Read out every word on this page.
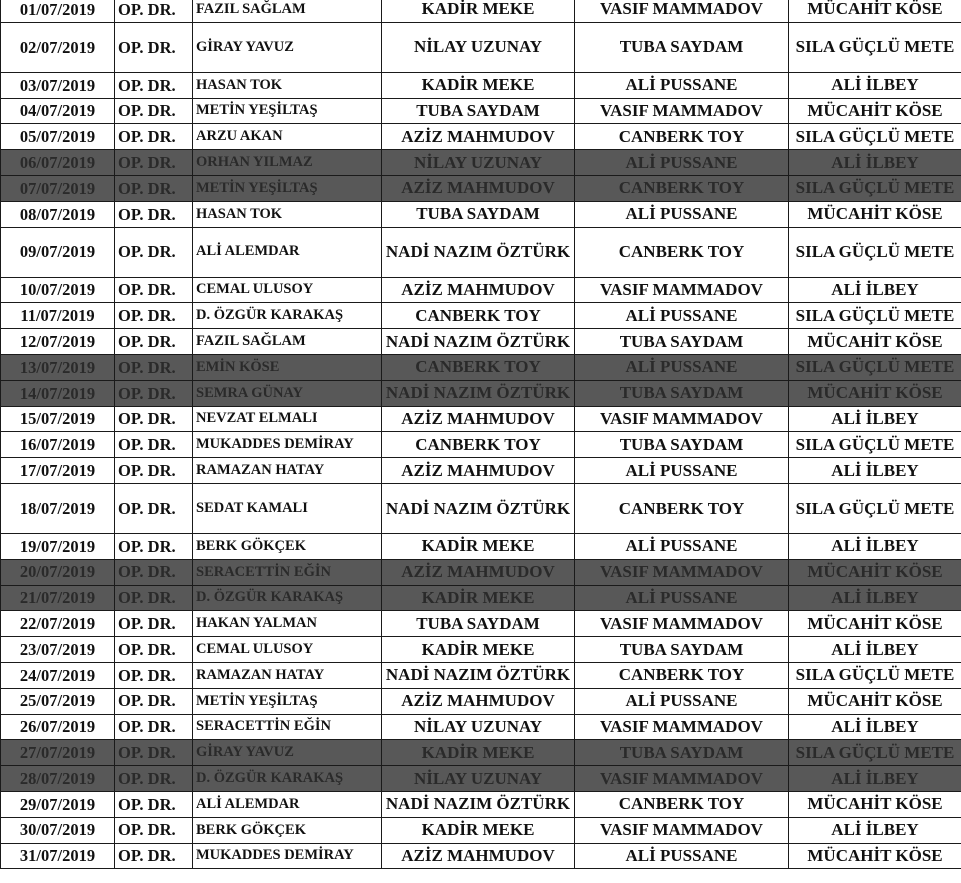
01/07/2019	OP. DR.	FAZIL SAĞLAM	KADİR MEKE	VASIF MAMMADOV	MÜCAHİT KÖSE
02/07/2019	OP. DR.	GİRAY YAVUZ	NİLAY UZUNAY	TUBA SAYDAM	SILA GÜÇLÜ METE
03/07/2019	OP. DR.	HASAN TOK	KADİR MEKE	ALİ PUSSANE	ALİ İLBEY
04/07/2019	OP. DR.	METİN YEŞİLTAŞ	TUBA SAYDAM	VASIF MAMMADOV	MÜCAHİT KÖSE
05/07/2019	OP. DR.	ARZU AKAN	AZİZ MAHMUDOV	CANBERK TOY	SILA GÜÇLÜ METE
06/07/2019	OP. DR.	ORHAN YILMAZ	NİLAY UZUNAY	ALİ PUSSANE	ALİ İLBEY
07/07/2019	OP. DR.	METİN YEŞİLTAŞ	AZİZ MAHMUDOV	CANBERK TOY	SILA GÜÇLÜ METE
08/07/2019	OP. DR.	HASAN TOK	TUBA SAYDAM	ALİ PUSSANE	MÜCAHİT KÖSE
09/07/2019	OP. DR.	ALİ ALEMDAR	NADİ NAZIM ÖZTÜRK	CANBERK TOY	SILA GÜÇLÜ METE
10/07/2019	OP. DR.	CEMAL ULUSOY	AZİZ MAHMUDOV	VASIF MAMMADOV	ALİ İLBEY
11/07/2019	OP. DR.	D. ÖZGÜR KARAKAŞ	CANBERK TOY	ALİ PUSSANE	SILA GÜÇLÜ METE
12/07/2019	OP. DR.	FAZIL SAĞLAM	NADİ NAZIM ÖZTÜRK	TUBA SAYDAM	MÜCAHİT KÖSE
13/07/2019	OP. DR.	EMİN KÖSE	CANBERK TOY	ALİ PUSSANE	SILA GÜÇLÜ METE
14/07/2019	OP. DR.	SEMRA GÜNAY	NADİ NAZIM ÖZTÜRK	TUBA SAYDAM	MÜCAHİT KÖSE
15/07/2019	OP. DR.	NEVZAT ELMALI	AZİZ MAHMUDOV	VASIF MAMMADOV	ALİ İLBEY
16/07/2019	OP. DR.	MUKADDES DEMİRAY	CANBERK TOY	TUBA SAYDAM	SILA GÜÇLÜ METE
17/07/2019	OP. DR.	RAMAZAN HATAY	AZİZ MAHMUDOV	ALİ PUSSANE	ALİ İLBEY
18/07/2019	OP. DR.	SEDAT KAMALI	NADİ NAZIM ÖZTÜRK	CANBERK TOY	SILA GÜÇLÜ METE
19/07/2019	OP. DR.	BERK GÖKÇEK	KADİR MEKE	ALİ PUSSANE	ALİ İLBEY
20/07/2019	OP. DR.	SERACETTİN EĞİN	AZİZ MAHMUDOV	VASIF MAMMADOV	MÜCAHİT KÖSE
21/07/2019	OP. DR.	D. ÖZGÜR KARAKAŞ	KADİR MEKE	ALİ PUSSANE	ALİ İLBEY
22/07/2019	OP. DR.	HAKAN YALMAN	TUBA SAYDAM	VASIF MAMMADOV	MÜCAHİT KÖSE
23/07/2019	OP. DR.	CEMAL ULUSOY	KADİR MEKE	TUBA SAYDAM	ALİ İLBEY
24/07/2019	OP. DR.	RAMAZAN HATAY	NADİ NAZIM ÖZTÜRK	CANBERK TOY	SILA GÜÇLÜ METE
25/07/2019	OP. DR.	METİN YEŞİLTAŞ	AZİZ MAHMUDOV	ALİ PUSSANE	MÜCAHİT KÖSE
26/07/2019	OP. DR.	SERACETTİN EĞİN	NİLAY UZUNAY	VASIF MAMMADOV	ALİ İLBEY
27/07/2019	OP. DR.	GİRAY YAVUZ	KADİR MEKE	TUBA SAYDAM	SILA GÜÇLÜ METE
28/07/2019	OP. DR.	D. ÖZGÜR KARAKAŞ	NİLAY UZUNAY	VASIF MAMMADOV	ALİ İLBEY
29/07/2019	OP. DR.	ALİ ALEMDAR	NADİ NAZIM ÖZTÜRK	CANBERK TOY	MÜCAHİT KÖSE
30/07/2019	OP. DR.	BERK GÖKÇEK	KADİR MEKE	VASIF MAMMADOV	ALİ İLBEY
31/07/2019	OP. DR.	MUKADDES DEMİRAY	AZİZ MAHMUDOV	ALİ PUSSANE	MÜCAHİT KÖSE
